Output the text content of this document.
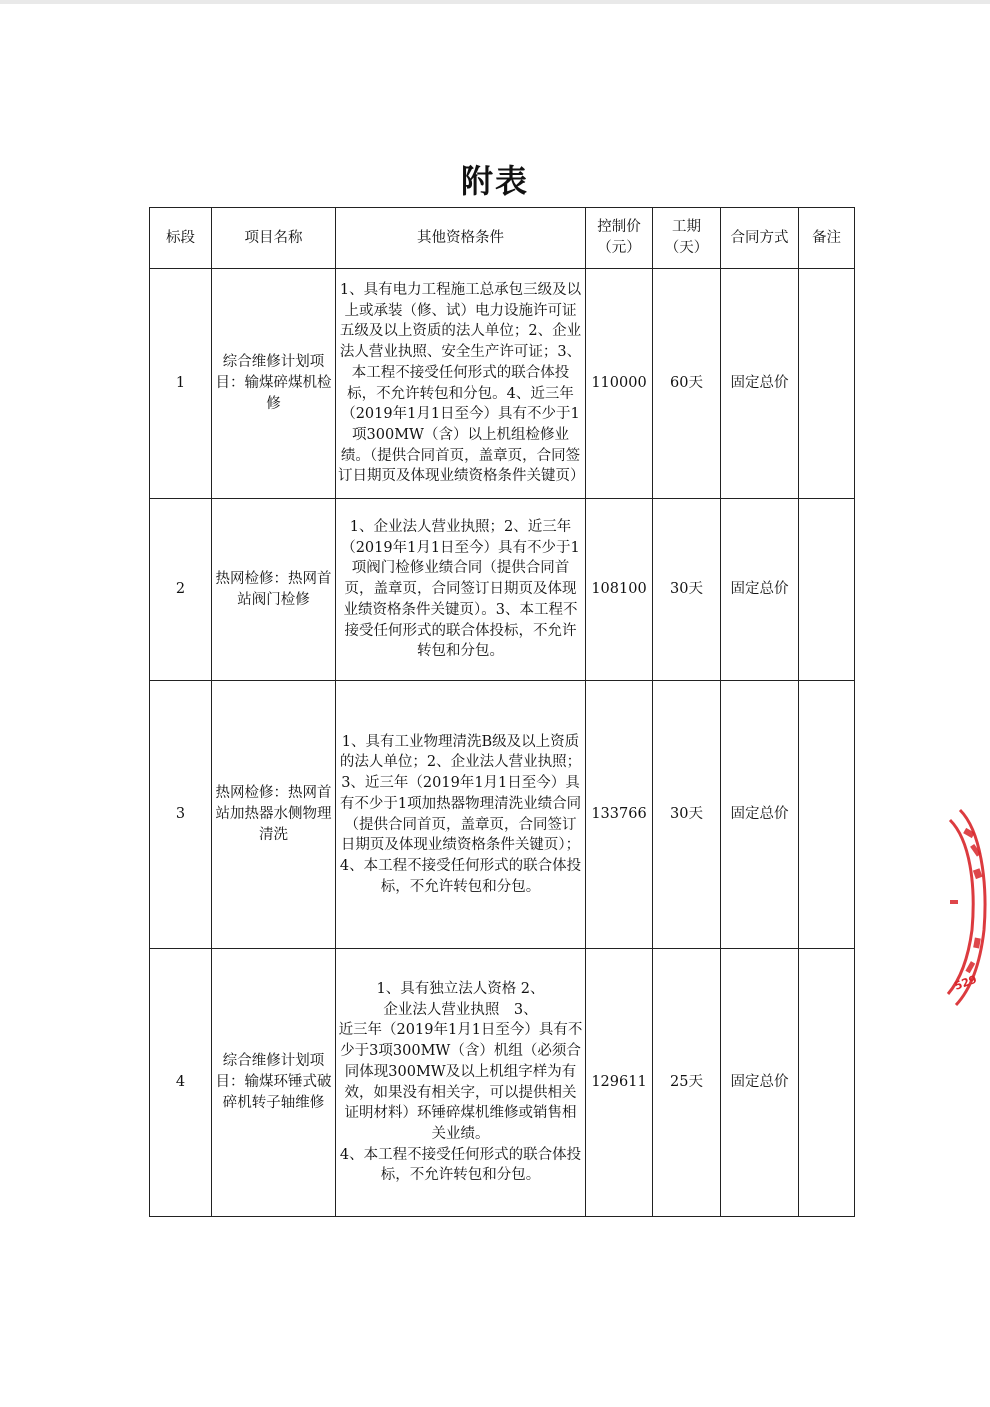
附表
标段	项目名称	其他资格条件	控制价（元）	工期（天）	合同方式	备注
1	综合维修计划项目：输煤碎煤机检修	1、具有电力工程施工总承包三级及以上或承装（修、试）电力设施许可证五级及以上资质的法人单位；2、企业法人营业执照、安全生产许可证；3、本工程不接受任何形式的联合体投标，不允许转包和分包。4、近三年（2019年1月1日至今）具有不少于1项300MW（含）以上机组检修业绩。（提供合同首页，盖章页，合同签订日期页及体现业绩资格条件关键页）	110000	60天	固定总价	
2	热网检修：热网首站阀门检修	1、企业法人营业执照；2、近三年（2019年1月1日至今）具有不少于1项阀门检修业绩合同（提供合同首页，盖章页，合同签订日期页及体现业绩资格条件关键页）。3、本工程不接受任何形式的联合体投标，不允许转包和分包。	108100	30天	固定总价	
3	热网检修：热网首站加热器水侧物理清洗	1、具有工业物理清洗B级及以上资质的法人单位；2、企业法人营业执照；3、近三年（2019年1月1日至今）具有不少于1项加热器物理清洗业绩合同（提供合同首页，盖章页，合同签订日期页及体现业绩资格条件关键页）；4、本工程不接受任何形式的联合体投标，不允许转包和分包。	133766	30天	固定总价	
4	综合维修计划项目：输煤环锤式破碎机转子轴维修	1、具有独立法人资格 2、
企业法人营业执照　3、
近三年（2019年1月1日至今）具有不少于3项300MW（含）机组（必须合同体现300MW及以上机组字样为有效，如果没有相关字，可以提供相关证明材料）环锤碎煤机维修或销售相关业绩。
4、本工程不接受任何形式的联合体投标，不允许转包和分包。	129611	25天	固定总价	
529
